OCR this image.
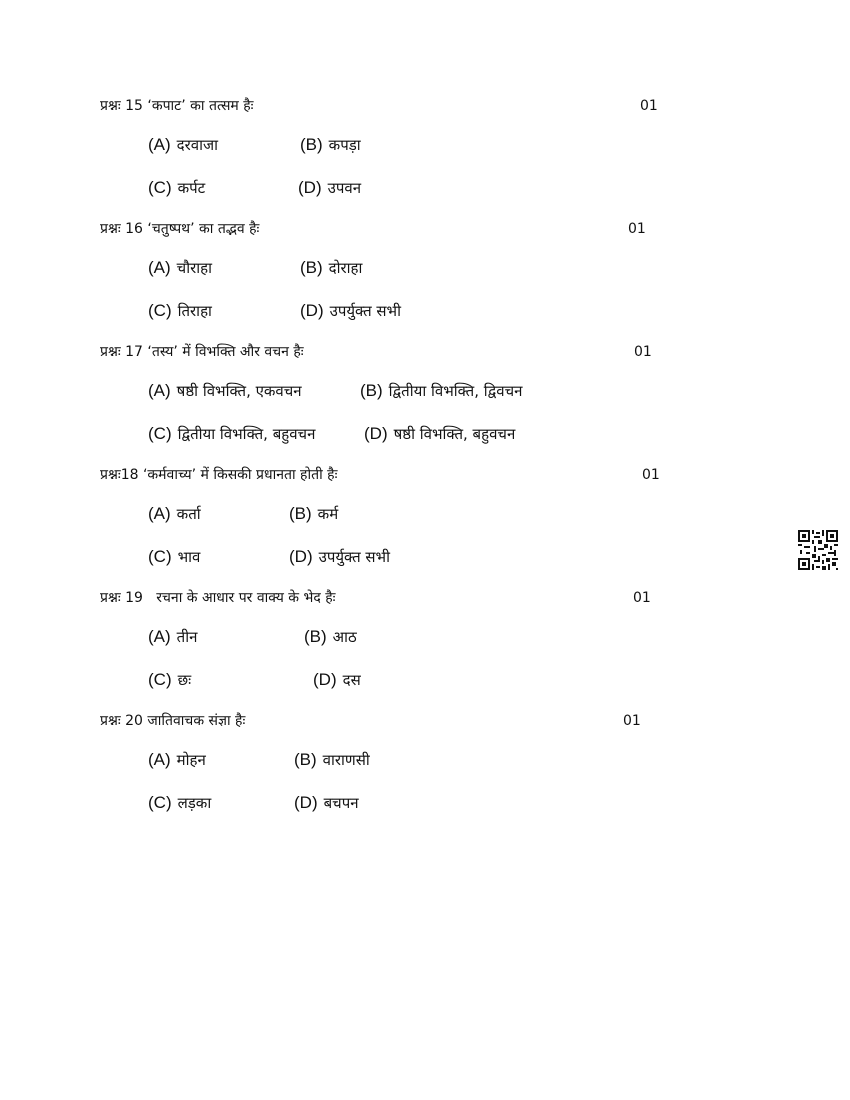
प्रश्नः 15 ‘कपाट’ का तत्सम हैः	01
(A) दरवाजा	(B) कपड़ा
(C) कर्पट	(D) उपवन
प्रश्नः 16 ‘चतुष्पथ’ का तद्भव हैः	01
(A) चौराहा	(B) दोराहा
(C) तिराहा	(D) उपर्युक्त सभी
प्रश्नः 17 ‘तस्य’ में विभक्ति और वचन हैः	01
(A) षष्ठी विभक्ति, एकवचन	(B) द्वितीया विभक्ति, द्विवचन
(C) द्वितीया विभक्ति, बहुवचन	(D) षष्ठी विभक्ति, बहुवचन
प्रश्नः18 ‘कर्मवाच्य’ में किसकी प्रधानता होती हैः	01
(A) कर्ता	(B) कर्म
(C) भाव	(D) उपर्युक्त सभी
प्रश्नः 19   रचना के आधार पर वाक्य के भेद हैः	01
(A) तीन	(B) आठ
(C) छः	(D) दस
प्रश्नः 20 जातिवाचक संज्ञा हैः	01
(A) मोहन	(B) वाराणसी
(C) लड़का	(D) बचपन
